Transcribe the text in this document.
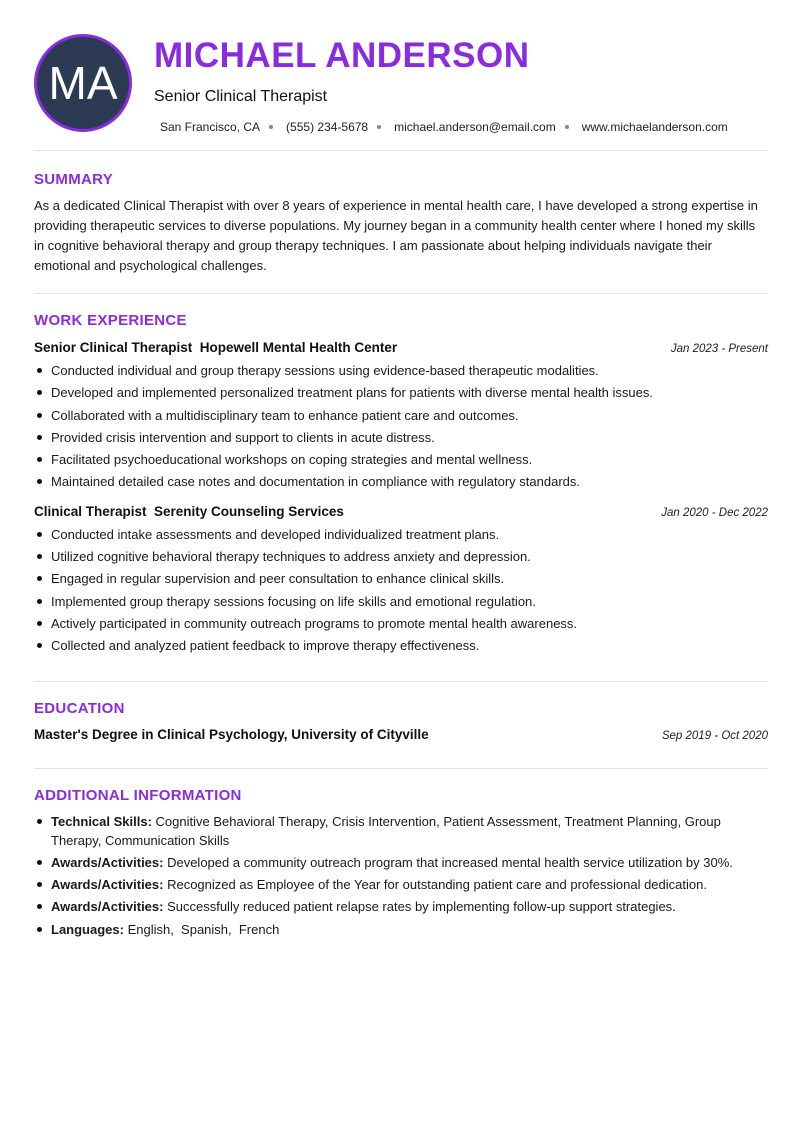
MA
MICHAEL ANDERSON
Senior Clinical Therapist
San Francisco, CA (555) 234-5678 michael.anderson@email.com www.michaelanderson.com
SUMMARY

As a dedicated Clinical Therapist with over 8 years of experience in mental health care, I have developed a strong expertise in providing therapeutic services to diverse populations. My journey began in a community health center where I honed my skills in cognitive behavioral therapy and group therapy techniques. I am passionate about helping individuals navigate their emotional and psychological challenges.

WORK EXPERIENCE
Senior Clinical Therapist  Hopewell Mental Health Center	Jan 2023 - Present
Conducted individual and group therapy sessions using evidence-based therapeutic modalities.
Developed and implemented personalized treatment plans for patients with diverse mental health issues.
Collaborated with a multidisciplinary team to enhance patient care and outcomes.
Provided crisis intervention and support to clients in acute distress.
Facilitated psychoeducational workshops on coping strategies and mental wellness.
Maintained detailed case notes and documentation in compliance with regulatory standards.
Clinical Therapist  Serenity Counseling Services	Jan 2020 - Dec 2022
Conducted intake assessments and developed individualized treatment plans.
Utilized cognitive behavioral therapy techniques to address anxiety and depression.
Engaged in regular supervision and peer consultation to enhance clinical skills.
Implemented group therapy sessions focusing on life skills and emotional regulation.
Actively participated in community outreach programs to promote mental health awareness.
Collected and analyzed patient feedback to improve therapy effectiveness.
EDUCATION
Master's Degree in Clinical Psychology, University of Cityville	Sep 2019 - Oct 2020
ADDITIONAL INFORMATION
Technical Skills: Cognitive Behavioral Therapy, Crisis Intervention, Patient Assessment, Treatment Planning, Group Therapy, Communication Skills
Awards/Activities: Developed a community outreach program that increased mental health service utilization by 30%.
Awards/Activities: Recognized as Employee of the Year for outstanding patient care and professional dedication.
Awards/Activities: Successfully reduced patient relapse rates by implementing follow-up support strategies.
Languages: English,  Spanish,  French
